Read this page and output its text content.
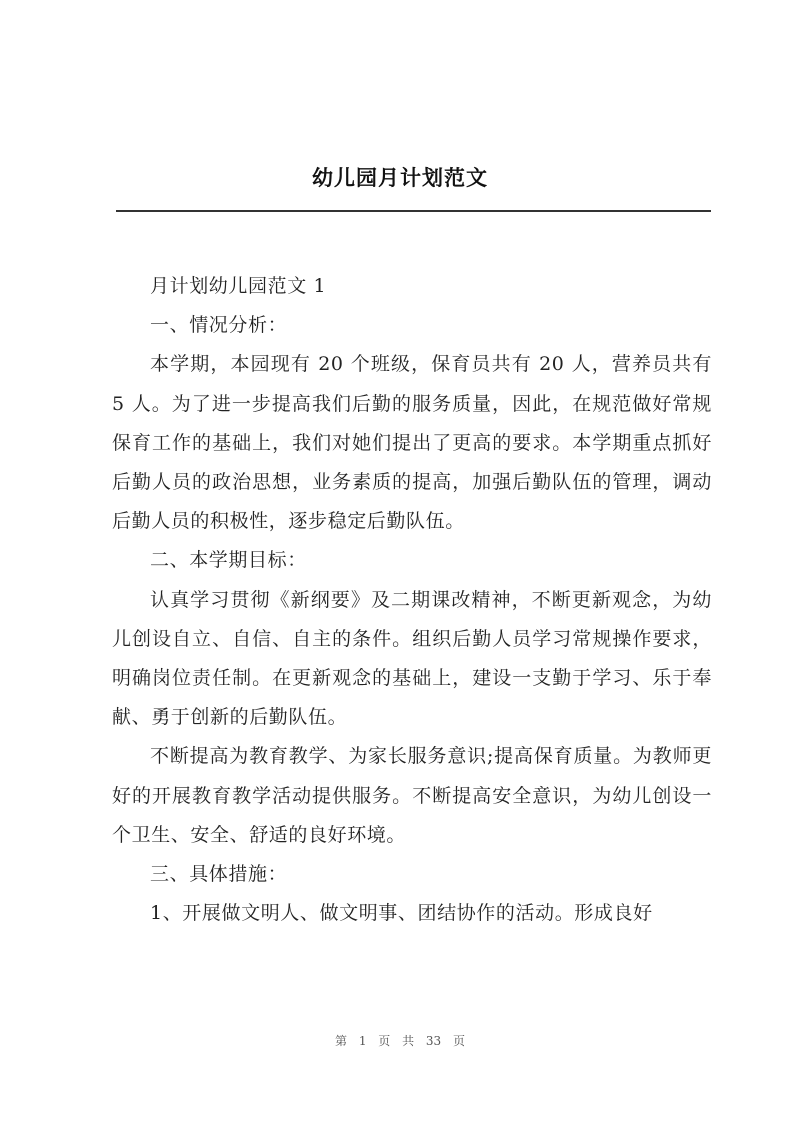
幼儿园月计划范文

月计划幼儿园范文 1

一、情况分析：

本学期，本园现有 20 个班级，保育员共有 20 人，营养员共有 5 人。为了进一步提高我们后勤的服务质量，因此，在规范做好常规保育工作的基础上，我们对她们提出了更高的要求。本学期重点抓好后勤人员的政治思想，业务素质的提高，加强后勤队伍的管理，调动后勤人员的积极性，逐步稳定后勤队伍。

二、本学期目标：

认真学习贯彻《新纲要》及二期课改精神，不断更新观念，为幼儿创设自立、自信、自主的条件。组织后勤人员学习常规操作要求，明确岗位责任制。在更新观念的基础上，建设一支勤于学习、乐于奉献、勇于创新的后勤队伍。

不断提高为教育教学、为家长服务意识;提高保育质量。为教师更好的开展教育教学活动提供服务。不断提高安全意识，为幼儿创设一个卫生、安全、舒适的良好环境。

三、具体措施：

1、开展做文明人、做文明事、团结协作的活动。形成良好

第 1 页 共 33 页
